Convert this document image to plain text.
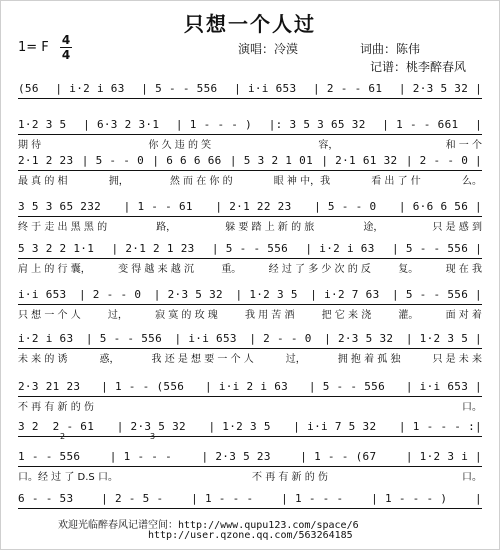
只想一个人过
1= F 4
4	演唱：冷漠	词曲：陈伟
记谱：桃李醉春风
(56 | i·2 i 63 | 5 - - 556 | i·i 653 | 2 - - 61 | 2·3 5 32 |
1·2 3 5 | 6·3 2 3·1 | 1 - - - ) |: 3 5 3 65 32 | 1 - - 661 |
期 待	你 久 违 的 笑	容，	和 一 个
2·1 2 23 | 5 - - 0 | 6 6 6 66 | 5 3 2 1 01 | 2·1 61 32 | 2 - - 0 |
最 真 的 相	拥，	然 而 在 你 的	眼 神 中，我	看 出 了 什	么。
3 5 3 65 232 | 1 - - 61 | 2·1 22 23 | 5 - - 0 | 6·6 6 56 |
终 于 走 出 黑 黑 的	路，	躲 要 踏 上 新 的 旅	途，	只 是 感 到
5 3 2 2 1·1 | 2·1 2 1 23 | 5 - - 556 | i·2 i 63 | 5 - - 556 |
肩 上 的 行 囊，	变 得 越 来 越 沉	重。	经 过 了 多 少 次 的 反	复。	现 在 我
i·i 653 | 2 - - 0 | 2·3 5 32 | 1·2 3 5 | i·2 7 63 | 5 - - 556 |
只 想 一 个 人	过，	寂 寞 的 玫 瑰	我 用 苦 酒	把 它 来 浇	灌。	面 对 着
i·2 i 63 | 5 - - 556 | i·i 653 | 2 - - 0 | 2·3 5 32 | 1·2 3 5 |
未 来 的 诱	惑，	我 还 是 想 要 一 个 人	过，	拥 抱 着 孤 独	只 是 未 来
2·3 21 23 | 1 - - (556 | i·i 2 i 63 | 5 - - 556 | i·i 653 |
不 再 有 新 的 伤	口。
3 2  2 - 61 | 2·3 5 32 | 1·2 3 5 | i·i 7 5 32 | 1 - - - :|
1 - - 556	| 1 - - -	| 2·3 5 23	| 1 - - (67	| 1·2 3 i |
口。经 过 了 D.S 口。	不 再 有 新 的 伤	口。
6 - - 53	| 2 - 5 -	| 1 - - -	| 1 - - -	| 1 - - - )	|
2	3
欢迎光临醉春风记谱空间：http://www.qupu123.com/space/6
http://user.qzone.qq.com/563264185
